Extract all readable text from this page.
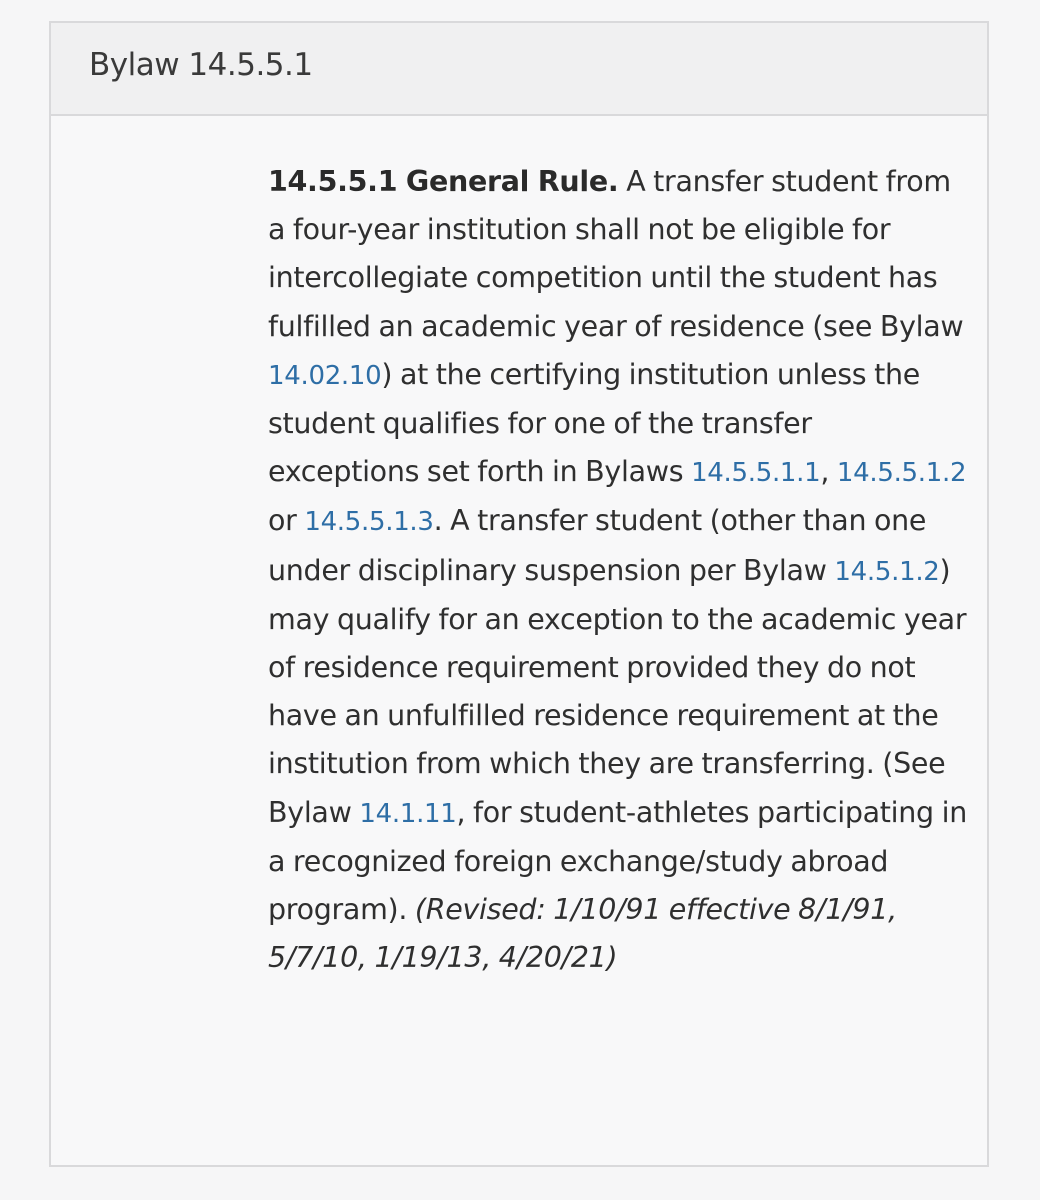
Bylaw 14.5.5.1
14.5.5.1 General Rule. A transfer student from a four-year institution shall not be eligible for intercollegiate competition until the student has fulfilled an academic year of residence (see Bylaw 14.02.10) at the certifying institution unless the student qualifies for one of the transfer exceptions set forth in Bylaws 14.5.5.1.1, 14.5.5.1.2 or 14.5.5.1.3. A transfer student (other than one under disciplinary suspension per Bylaw 14.5.1.2) may qualify for an exception to the academic year of residence requirement provided they do not have an unfulfilled residence requirement at the institution from which they are transferring. (See Bylaw 14.1.11, for student-athletes participating in a recognized foreign exchange/study abroad program). (Revised: 1/10/91 effective 8/1/91, 5/7/10, 1/19/13, 4/20/21)
